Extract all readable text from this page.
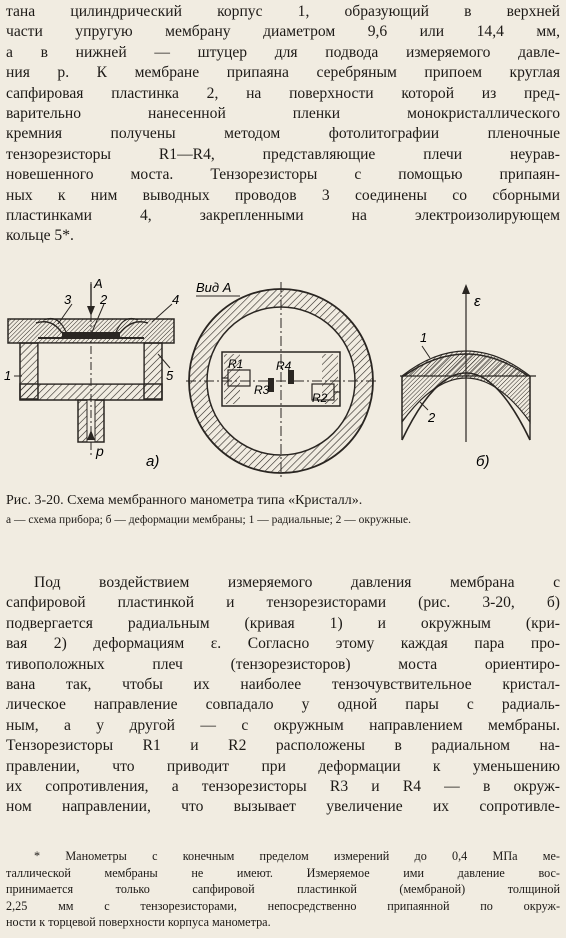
тана цилиндрический корпус 1, образующий в верхней
части упругую мембрану диаметром 9,6 или 14,4 мм,
а в нижней — штуцер для подвода измеряемого давле-
ния p. К мембране припаяна серебряным припоем круглая
сапфировая пластинка 2, на поверхности которой из пред-
варительно нанесенной пленки монокристаллического
кремния получены методом фотолитографии пленочные
тензорезисторы R1—R4, представляющие плечи неурав-
новешенного моста. Тензорезисторы с помощью припаян-
ных к ним выводных проводов 3 соединены со сборными
пластинками 4, закрепленными на электроизолирующем
кольце 5*.
A
3 2	4
1	5
p
а)
Вид A
R1
R3
R4
R2
ε
1
2
б)
Рис. 3-20. Схема мембранного манометра типа «Кристалл».
а — схема прибора; б — деформации мембраны; 1 — радиальные; 2 — окружные.
Под воздействием измеряемого давления мембрана с
сапфировой пластинкой и тензорезисторами (рис. 3-20, б)
подвергается радиальным (кривая 1) и окружным (кри-
вая 2) деформациям ε. Согласно этому каждая пара про-
тивоположных плеч (тензорезисторов) моста ориентиро-
вана так, чтобы их наиболее тензочувствительное кристал-
лическое направление совпадало у одной пары с радиаль-
ным, а у другой — с окружным направлением мембраны.
Тензорезисторы R1 и R2 расположены в радиальном на-
правлении, что приводит при деформации к уменьшению
их сопротивления, а тензорезисторы R3 и R4 — в окруж-
ном направлении, что вызывает увеличение их сопротивле-
* Манометры с конечным пределом измерений до 0,4 МПа ме-
таллической мембраны не имеют. Измеряемое ими давление вос-
принимается только сапфировой пластинкой (мембраной) толщиной
2,25 мм с тензорезисторами, непосредственно припаянной по окруж-
ности к торцевой поверхности корпуса манометра.
